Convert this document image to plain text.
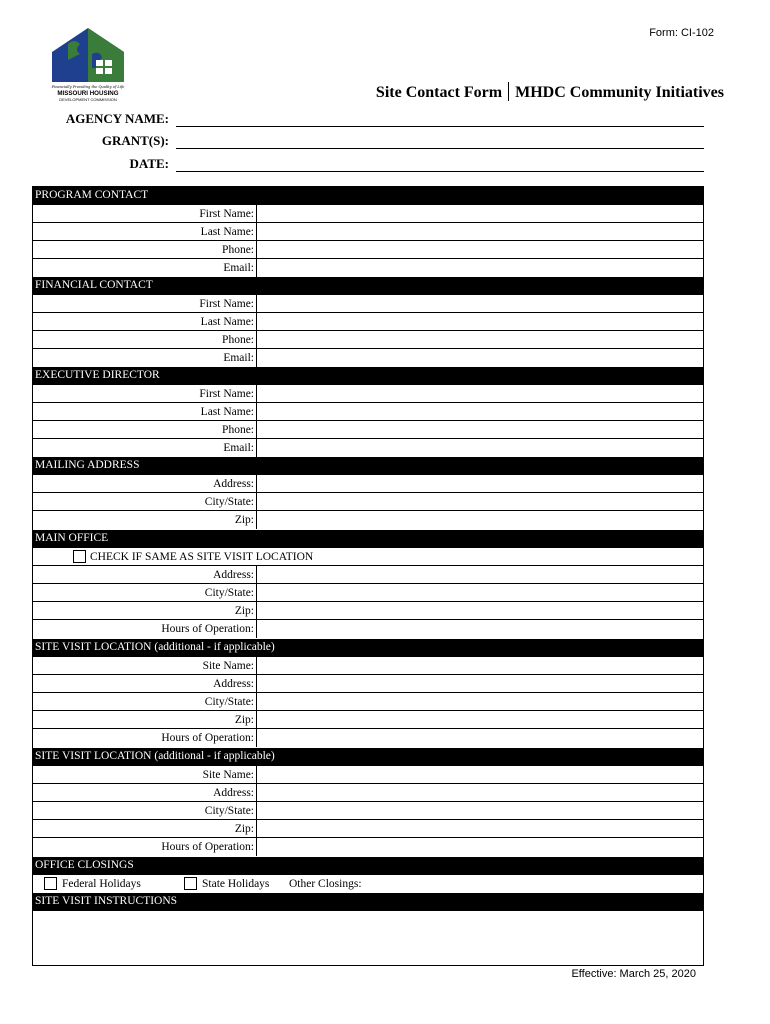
Form: CI-102
Financially Providing the Quality of Life
MISSOURI HOUSING
DEVELOPMENT COMMISSION	Site Contact Form MHDC Community Initiatives
AGENCY NAME:
GRANT(S):
DATE:
PROGRAM CONTACT
First Name:
Last Name:
Phone:
Email:
FINANCIAL CONTACT
First Name:
Last Name:
Phone:
Email:
EXECUTIVE DIRECTOR
First Name:
Last Name:
Phone:
Email:
MAILING ADDRESS
Address:
City/State:
Zip:
MAIN OFFICE
CHECK IF SAME AS SITE VISIT LOCATION
Address:
City/State:
Zip:
Hours of Operation:
SITE VISIT LOCATION (additional - if applicable)
Site Name:
Address:
City/State:
Zip:
Hours of Operation:
SITE VISIT LOCATION (additional - if applicable)
Site Name:
Address:
City/State:
Zip:
Hours of Operation:
OFFICE CLOSINGS
Federal Holidays	State Holidays Other Closings:
SITE VISIT INSTRUCTIONS
Effective: March 25, 2020
